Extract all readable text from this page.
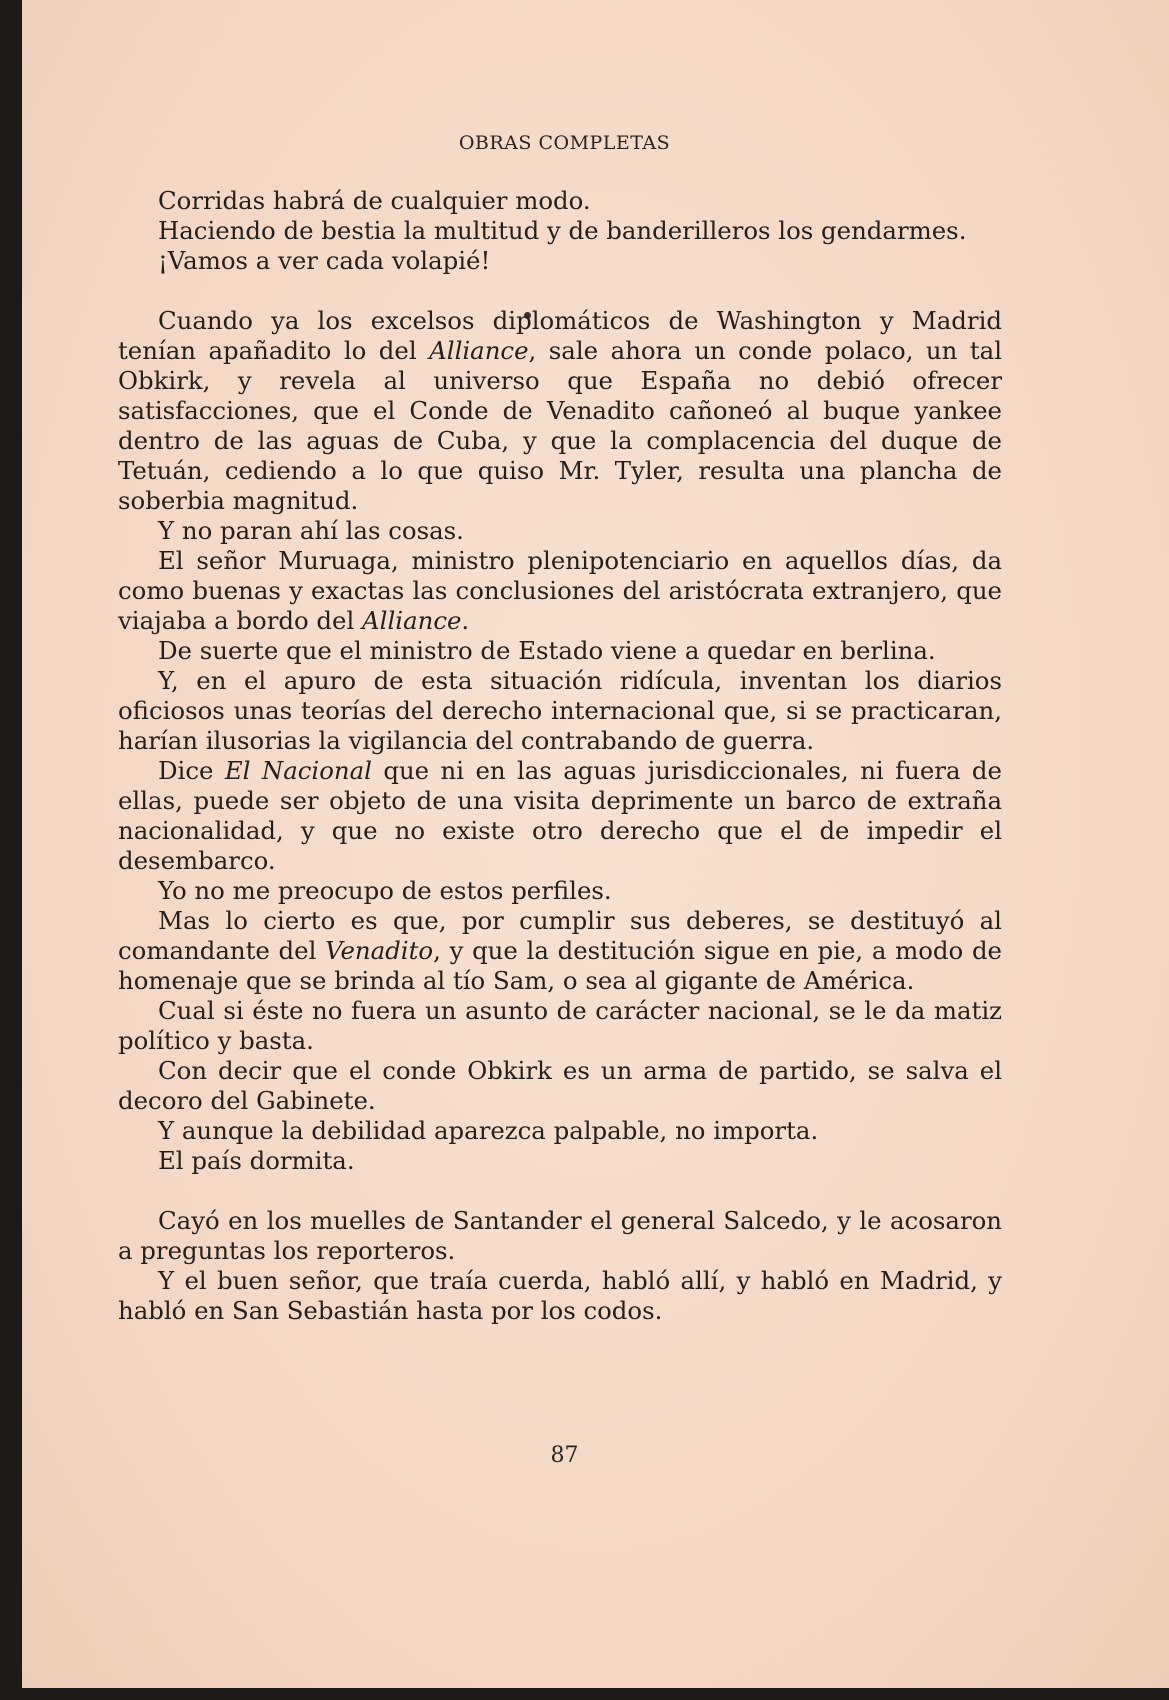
OBRAS COMPLETAS

Corridas habrá de cualquier modo.

Haciendo de bestia la multitud y de banderilleros los gendarmes.

¡Vamos a ver cada volapié!

Cuando ya los excelsos diplomáticos de Washington y Madrid tenían apañadito lo del Alliance, sale ahora un conde polaco, un tal Obkirk, y revela al universo que España no debió ofrecer satisfacciones, que el Conde de Venadito cañoneó al buque yankee dentro de las aguas de Cuba, y que la complacencia del duque de Tetuán, cediendo a lo que quiso Mr. Tyler, resulta una plancha de soberbia magnitud.

Y no paran ahí las cosas.

El señor Muruaga, ministro plenipotenciario en aquellos días, da como buenas y exactas las conclusiones del aristócrata extranjero, que viajaba a bordo del Alliance.

De suerte que el ministro de Estado viene a quedar en berlina.

Y, en el apuro de esta situación ridícula, inventan los diarios oficiosos unas teorías del derecho internacional que, si se practicaran, harían ilusorias la vigilancia del contrabando de guerra.

Dice El Nacional que ni en las aguas jurisdiccionales, ni fuera de ellas, puede ser objeto de una visita deprimente un barco de extraña nacionalidad, y que no existe otro derecho que el de impedir el desembarco.

Yo no me preocupo de estos perfiles.

Mas lo cierto es que, por cumplir sus deberes, se destituyó al comandante del Venadito, y que la destitución sigue en pie, a modo de homenaje que se brinda al tío Sam, o sea al gigante de América.

Cual si éste no fuera un asunto de carácter nacional, se le da matiz político y basta.

Con decir que el conde Obkirk es un arma de partido, se salva el decoro del Gabinete.

Y aunque la debilidad aparezca palpable, no importa.

El país dormita.

Cayó en los muelles de Santander el general Salcedo, y le acosaron a preguntas los reporteros.

Y el buen señor, que traía cuerda, habló allí, y habló en Madrid, y habló en San Sebastián hasta por los codos.

87
